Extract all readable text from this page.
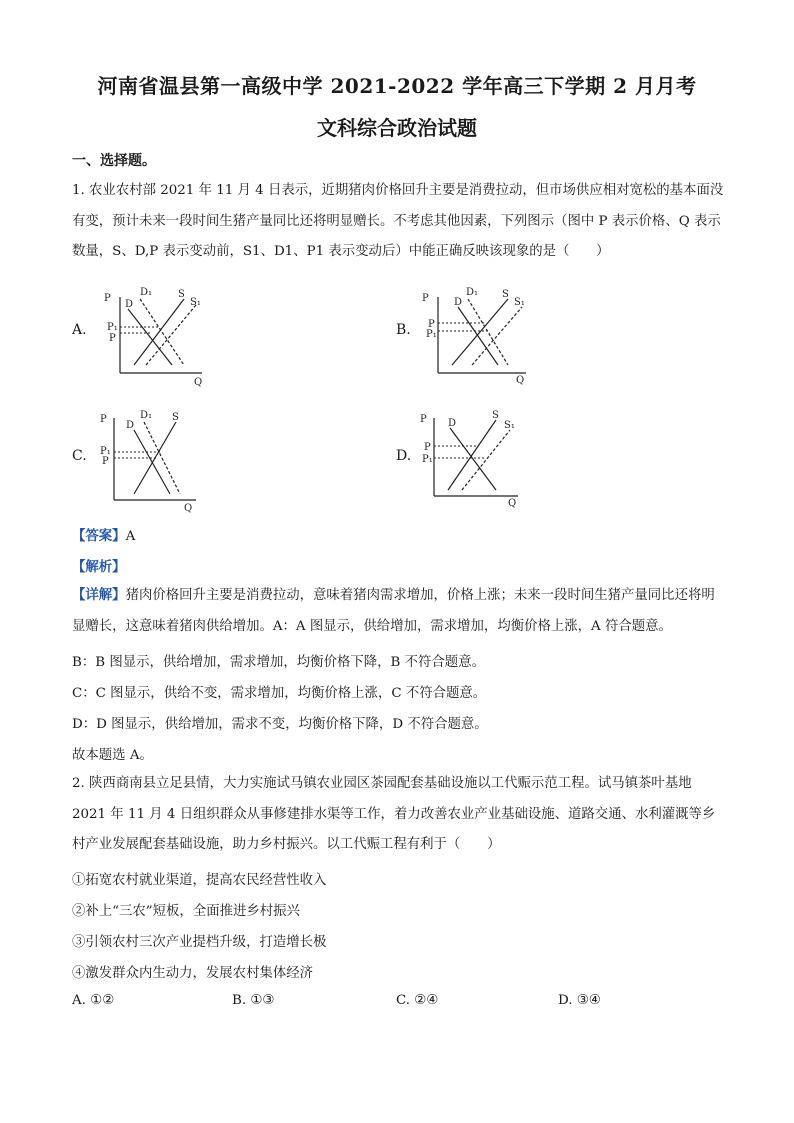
河南省温县第一高级中学 2021-2022 学年高三下学期 2 月月考
文科综合政治试题
一、选择题。
1. 农业农村部 2021 年 11 月 4 日表示，近期猪肉价格回升主要是消费拉动，但市场供应相对宽松的基本面没有变，预计未来一段时间生猪产量同比还将明显赠长。不考虑其他因素，下列图示（图中 P 表示价格、Q 表示数量，S、D,P 表示变动前，S1、D1、P1 表示变动后）中能正确反映该现象的是（　　）
A.
P
Q
D₁
D
S
S₁
P₁
P
B.
P
Q
D₁
D
S
S₁
P
P₁
C.
P
Q
D₁
D
S
P₁
P	D.
P
Q
D
S
S₁
P
P₁
【答案】A
【解析】
【详解】猪肉价格回升主要是消费拉动，意味着猪肉需求增加，价格上涨；未来一段时间生猪产量同比还将明显赠长，这意味着猪肉供给增加。A：A 图显示，供给增加，需求增加，均衡价格上涨，A 符合题意。
B：B 图显示，供给增加，需求增加，均衡价格下降，B 不符合题意。
C：C 图显示，供给不变，需求增加，均衡价格上涨，C 不符合题意。
D：D 图显示，供给增加，需求不变，均衡价格下降，D 不符合题意。
故本题选 A。
2. 陕西商南县立足县情，大力实施试马镇农业园区茶园配套基础设施以工代赈示范工程。试马镇茶叶基地 2021 年 11 月 4 日组织群众从事修建排水渠等工作，着力改善农业产业基础设施、道路交通、水利灌溉等乡村产业发展配套基础设施，助力乡村振兴。以工代赈工程有利于（　　）
①拓宽农村就业渠道，提高农民经营性收入
②补上“三农”短板，全面推进乡村振兴
③引领农村三次产业提档升级，打造增长极
④激发群众内生动力，发展农村集体经济
A. ①②	B. ①③	C. ②④	D. ③④
